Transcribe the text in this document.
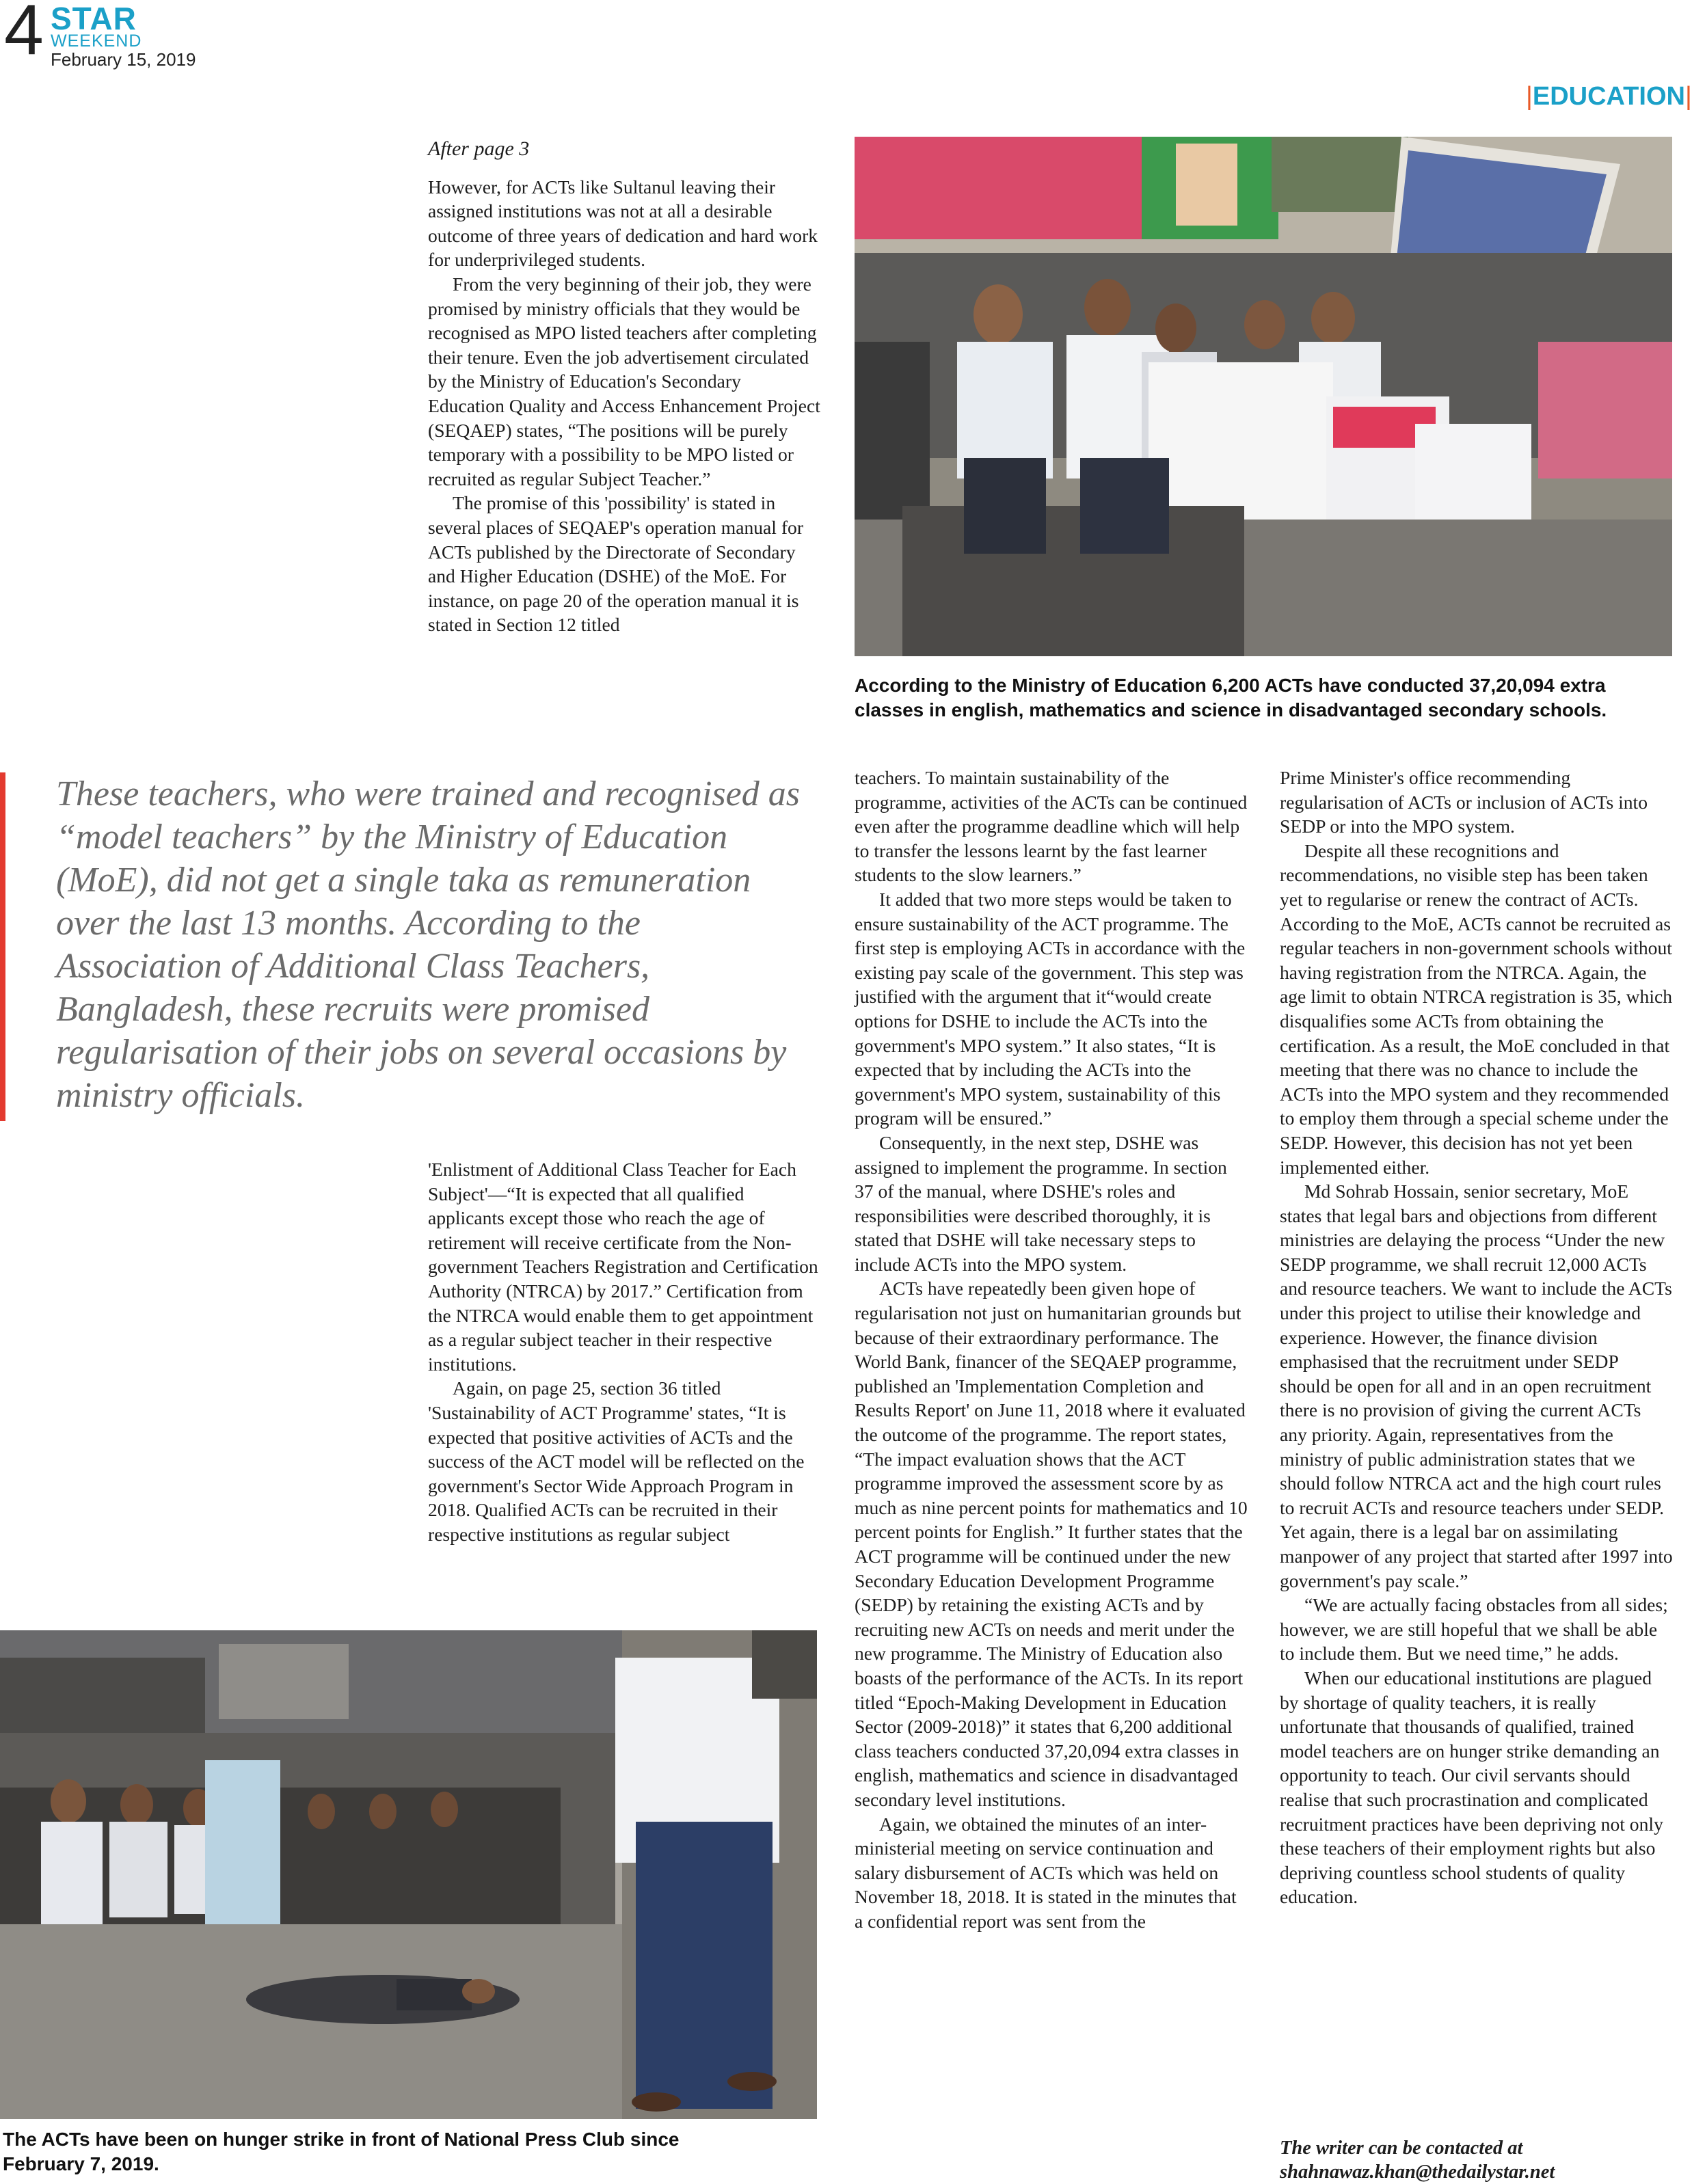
4 STAR
WEEKEND
February 15, 2019
|EDUCATION|
After page 3

However, for ACTs like Sultanul leaving their assigned institutions was not at all a desirable outcome of three years of dedication and hard work for underprivileged students.

From the very beginning of their job, they were promised by ministry officials that they would be recognised as MPO listed teachers after completing their tenure. Even the job advertisement circulated by the Ministry of Education's Secondary Education Quality and Access Enhancement Project (SEQAEP) states, “The positions will be purely temporary with a possibility to be MPO listed or recruited as regular Subject Teacher.”

The promise of this 'possibility' is stated in several places of SEQAEP's operation manual for ACTs published by the Directorate of Secondary and Higher Education (DSHE) of the MoE. For instance, on page 20 of the operation manual it is stated in Section 12 titled

These teachers, who were trained and recognised as “model teachers” by the Ministry of Education (MoE), did not get a single taka as remuneration over the last 13 months. According to the Association of Additional Class Teachers, Bangladesh, these recruits were promised regularisation of their jobs on several occasions by ministry officials.

'Enlistment of Additional Class Teacher for Each Subject'—“It is expected that all qualified applicants except those who reach the age of retirement will receive certificate from the Non-government Teachers Registration and Certification Authority (NTRCA) by 2017.” Certification from the NTRCA would enable them to get appointment as a regular subject teacher in their respective institutions.

Again, on page 25, section 36 titled 'Sustainability of ACT Programme' states, “It is expected that positive activities of ACTs and the success of the ACT model will be reflected on the government's Sector Wide Approach Program in 2018. Qualified ACTs can be recruited in their respective institutions as regular subject

According to the Ministry of Education 6,200 ACTs have conducted 37,20,094 extra classes in english, mathematics and science in disadvantaged secondary schools.

teachers. To maintain sustainability of the programme, activities of the ACTs can be continued even after the programme deadline which will help to transfer the lessons learnt by the fast learner students to the slow learners.”

It added that two more steps would be taken to ensure sustainability of the ACT programme. The first step is employing ACTs in accordance with the existing pay scale of the government. This step was justified with the argument that it“would create options for DSHE to include the ACTs into the government's MPO system.” It also states, “It is expected that by including the ACTs into the government's MPO system, sustainability of this program will be ensured.”

Consequently, in the next step, DSHE was assigned to implement the programme. In section 37 of the manual, where DSHE's roles and responsibilities were described thoroughly, it is stated that DSHE will take necessary steps to include ACTs into the MPO system.

ACTs have repeatedly been given hope of regularisation not just on humanitarian grounds but because of their extraordinary performance. The World Bank, financer of the SEQAEP programme, published an 'Implementation Completion and Results Report' on June 11, 2018 where it evaluated the outcome of the programme. The report states, “The impact evaluation shows that the ACT programme improved the assessment score by as much as nine percent points for mathematics and 10 percent points for English.” It further states that the ACT programme will be continued under the new Secondary Education Development Programme (SEDP) by retaining the existing ACTs and by recruiting new ACTs on needs and merit under the new programme. The Ministry of Education also boasts of the performance of the ACTs. In its report titled “Epoch-Making Development in Education Sector (2009-2018)” it states that 6,200 additional class teachers conducted 37,20,094 extra classes in english, mathematics and science in disadvantaged secondary level institutions.

Again, we obtained the minutes of an inter-ministerial meeting on service continuation and salary disbursement of ACTs which was held on November 18, 2018. It is stated in the minutes that a confidential report was sent from the

Prime Minister's office recommending regularisation of ACTs or inclusion of ACTs into SEDP or into the MPO system.

Despite all these recognitions and recommendations, no visible step has been taken yet to regularise or renew the contract of ACTs. According to the MoE, ACTs cannot be recruited as regular teachers in non-government schools without having registration from the NTRCA. Again, the age limit to obtain NTRCA registration is 35, which disqualifies some ACTs from obtaining the certification. As a result, the MoE concluded in that meeting that there was no chance to include the ACTs into the MPO system and they recommended to employ them through a special scheme under the SEDP. However, this decision has not yet been implemented either.

Md Sohrab Hossain, senior secretary, MoE states that legal bars and objections from different ministries are delaying the process “Under the new SEDP programme, we shall recruit 12,000 ACTs and resource teachers. We want to include the ACTs under this project to utilise their knowledge and experience. However, the finance division emphasised that the recruitment under SEDP should be open for all and in an open recruitment there is no provision of giving the current ACTs any priority. Again, representatives from the ministry of public administration states that we should follow NTRCA act and the high court rules to recruit ACTs and resource teachers under SEDP. Yet again, there is a legal bar on assimilating manpower of any project that started after 1997 into government's pay scale.”

“We are actually facing obstacles from all sides; however, we are still hopeful that we shall be able to include them. But we need time,” he adds.

When our educational institutions are plagued by shortage of quality teachers, it is really unfortunate that thousands of qualified, trained model teachers are on hunger strike demanding an opportunity to teach. Our civil servants should realise that such procrastination and complicated recruitment practices have been depriving not only these teachers of their employment rights but also depriving countless school students of quality education.

The writer can be contacted at
shahnawaz.khan@thedailystar.net
The ACTs have been on hunger strike in front of National Press Club since February 7, 2019.
